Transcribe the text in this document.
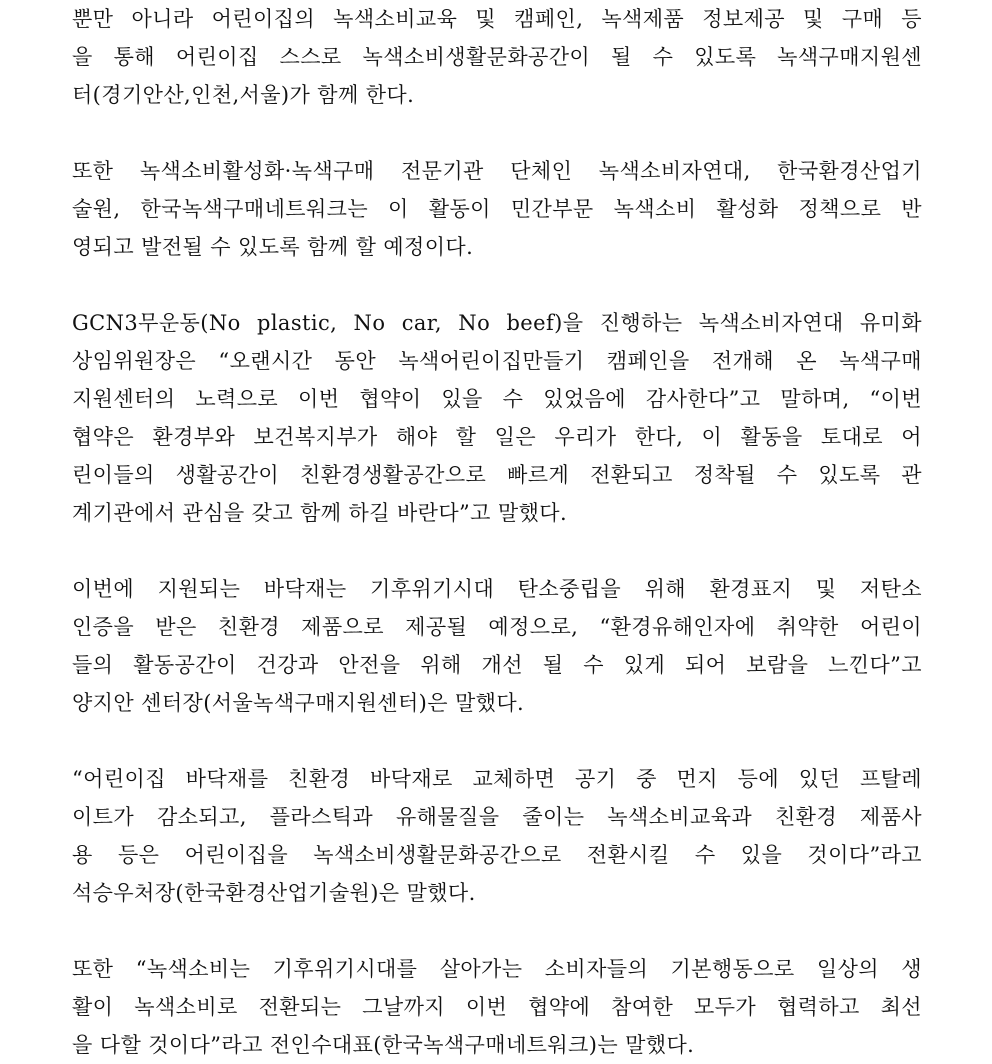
뿐만 아니라 어린이집의 녹색소비교육 및 캠페인, 녹색제품 정보제공 및 구매 등
을 통해 어린이집 스스로 녹색소비생활문화공간이 될 수 있도록 녹색구매지원센
터(경기안산,인천,서울)가 함께 한다.

또한 녹색소비활성화·녹색구매 전문기관 단체인 녹색소비자연대, 한국환경산업기
술원, 한국녹색구매네트워크는 이 활동이 민간부문 녹색소비 활성화 정책으로 반
영되고 발전될 수 있도록 함께 할 예정이다.

GCN3무운동(No plastic, No car, No beef)을 진행하는 녹색소비자연대 유미화
상임위원장은 “오랜시간 동안 녹색어린이집만들기 캠페인을 전개해 온 녹색구매
지원센터의 노력으로 이번 협약이 있을 수 있었음에 감사한다”고 말하며, “이번
협약은 환경부와 보건복지부가 해야 할 일은 우리가 한다, 이 활동을 토대로 어
린이들의 생활공간이 친환경생활공간으로 빠르게 전환되고 정착될 수 있도록 관
계기관에서 관심을 갖고 함께 하길 바란다”고 말했다.

이번에 지원되는 바닥재는 기후위기시대 탄소중립을 위해 환경표지 및 저탄소
인증을 받은 친환경 제품으로 제공될 예정으로, “환경유해인자에 취약한 어린이
들의 활동공간이 건강과 안전을 위해 개선 될 수 있게 되어 보람을 느낀다”고
양지안 센터장(서울녹색구매지원센터)은 말했다.

“어린이집 바닥재를 친환경 바닥재로 교체하면 공기 중 먼지 등에 있던 프탈레
이트가 감소되고, 플라스틱과 유해물질을 줄이는 녹색소비교육과 친환경 제품사
용 등은 어린이집을 녹색소비생활문화공간으로 전환시킬 수 있을 것이다”라고
석승우처장(한국환경산업기술원)은 말했다.

또한 “녹색소비는 기후위기시대를 살아가는 소비자들의 기본행동으로 일상의 생
활이 녹색소비로 전환되는 그날까지 이번 협약에 참여한 모두가 협력하고 최선
을 다할 것이다”라고 전인수대표(한국녹색구매네트워크)는 말했다.
